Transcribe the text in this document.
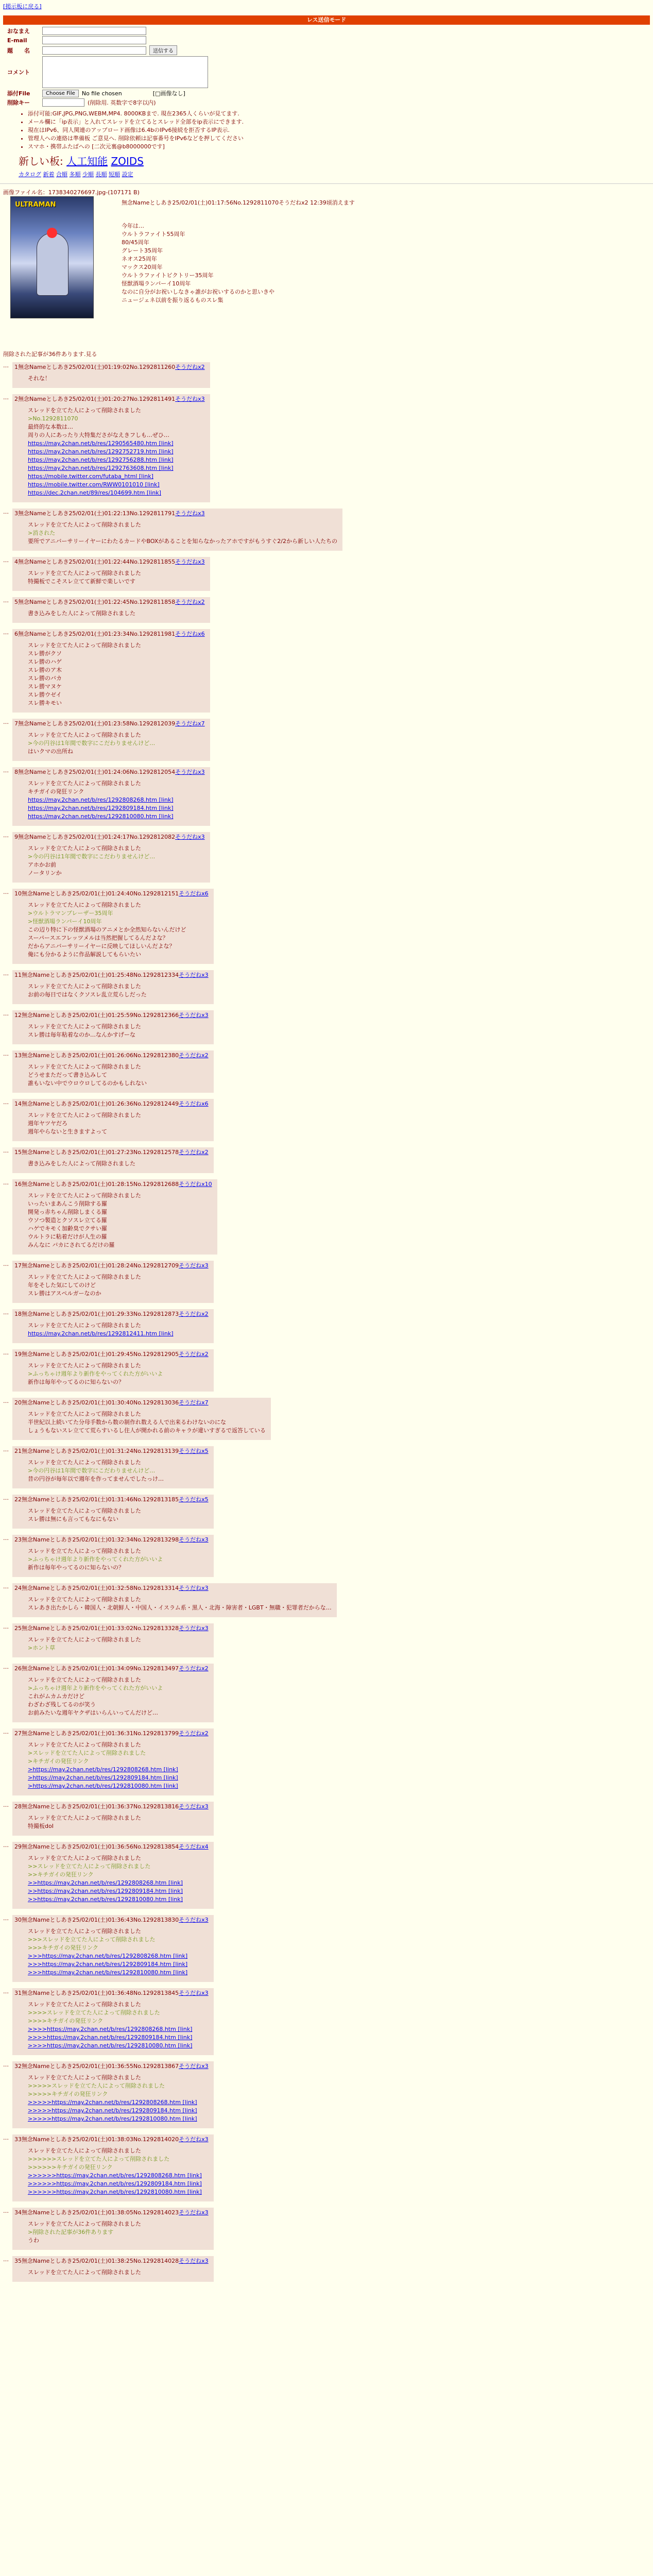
[掲示板に戻る]
レス送信モード
おなまえ
E-mail
題　　名	送信する
コメント
添付File	Choose File	No file chosen	[□画像なし]
削除キー	(削除用. 英数字で8字以内)
• 添付可能:GIF,JPG,PNG,WEBM,MP4. 8000KBまで. 現在2365人くらいが見てます.
• メール欄に「ip表示」と入れてスレッドを立てるとスレッド全部をip表示にできます.
• 現在はIPv6、同人関連のアップロード画像は6.4bのIPv6接続を拒否するIP表示.
• 管理人への連絡は準備板 ご意見へ. 削除依頼は記事番号をIPv6などを押してください
• スマホ・携帯ふたばへの [二次元裏@b8000000です]
新しい板: 人工知能 ZOIDS
カタログ 新着 合順 多順 少順 長順 短順 設定
画像ファイル名：1738340276697.jpg-(107171 B)
ULTRAMAN	無念Nameとしあき25/02/01(土)01:17:56No.1292811070そうだねx2 12:39頃消えます
今年は…
ウルトラファイト55周年
80/45周年
グレート35周年
ネオス25周年
マックス20周年
ウルトラファイトビクトリー35周年
怪獣酒場ランパーイ10周年
なのに自分がお祝いしなきゃ誰がお祝いするのかと思いきや
ニュージェネ以前を振り返るものスレ集
削除された記事が36件あります.見る
…	1無念Nameとしあき25/02/01(土)01:19:02No.1292811260そうだねx2
それな！
…	2無念Nameとしあき25/02/01(土)01:20:27No.1292811491そうだねx3
スレッドを立てた人によって削除されました
>No.1292811070
最終的な本数は…
周りの人にあったり大特集ださがなえきフしも…ぜひ…
https://may.2chan.net/b/res/1290565480.htm [link]
https://may.2chan.net/b/res/1292752719.htm [link]
https://may.2chan.net/b/res/1292756288.htm [link]
https://may.2chan.net/b/res/1292763608.htm [link]
https://mobile.twitter.com/futaba_html [link]
https://mobile.twitter.com/RWW0101010 [link]
https://dec.2chan.net/89/res/104699.htm [link]
…	3無念Nameとしあき25/02/01(土)01:22:13No.1292811791そうだねx3
スレッドを立てた人によって削除されました
>消された
要所でアニバーサリーイヤーにわたるカードやBOXがあることを知らなかったアホですがもうすぐ2/2から新しい人たちの
…	4無念Nameとしあき25/02/01(土)01:22:44No.1292811855そうだねx3
スレッドを立てた人によって削除されました
特撮板でこそスレ立てて新鮮で楽しいです
…	5無念Nameとしあき25/02/01(土)01:22:45No.1292811858そうだねx2
書き込みをした人によって削除されました
…	6無念Nameとしあき25/02/01(土)01:23:34No.1292811981そうだねx6
スレッドを立てた人によって削除されました
スレ勝がクソ
スレ勝のハゲ
スレ勝のア木
スレ勝のバカ
スレ勝マヌケ
スレ勝ウゼイ
スレ勝キモい
…	7無念Nameとしあき25/02/01(土)01:23:58No.1292812039そうだねx7
スレッドを立てた人によって削除されました
>今の円谷は1年間で数字にこだわりませんけど…
はいクマの出所ね
…	8無念Nameとしあき25/02/01(土)01:24:06No.1292812054そうだねx3
スレッドを立てた人によって削除されました
キチガイの発狂リンク
https://may.2chan.net/b/res/1292808268.htm [link]
https://may.2chan.net/b/res/1292809184.htm [link]
https://may.2chan.net/b/res/1292810080.htm [link]
…	9無念Nameとしあき25/02/01(土)01:24:17No.1292812082そうだねx3
スレッドを立てた人によって削除されました
>今の円谷は1年間で数字にこだわりませんけど…
アホかお前
ノータリンか
…	10無念Nameとしあき25/02/01(土)01:24:40No.1292812151そうだねx6
スレッドを立てた人によって削除されました
>ウルトラマンブレーザー35周年
>怪獣酒場ランパーイ10周年
この辺り特に下の怪獣酒場のアニメとか全然知らないんだけど
スーパースエフレッツメルは当然把握してるんだよな？
だからアニバーサリーイヤーに反映してほしいんだよな？
俺にも分かるように作品解説してもらいたい
…	11無念Nameとしあき25/02/01(土)01:25:48No.1292812334そうだねx3
スレッドを立てた人によって削除されました
お前の毎日ではなくクソスレ乱立荒らしだった
…	12無念Nameとしあき25/02/01(土)01:25:59No.1292812366そうだねx3
スレッドを立てた人によって削除されました
スレ勝は毎年粘着なのか…なんかすげーな
…	13無念Nameとしあき25/02/01(土)01:26:06No.1292812380そうだねx2
スレッドを立てた人によって削除されました
どうせまただって書き込みして
誰もいない中でウロウロしてるのかもしれない
…	14無念Nameとしあき25/02/01(土)01:26:36No.1292812449そうだねx6
スレッドを立てた人によって削除されました
週年ヤツヤだろ
週年やらないと生きますよって
…	15無念Nameとしあき25/02/01(土)01:27:23No.1292812578そうだねx2
書き込みをした人によって削除されました
…	16無念Nameとしあき25/02/01(土)01:28:15No.1292812688そうだねx10
スレッドを立てた人によって削除されました
いったいまあんこう削除する羅
開発っ赤ちゃん削除しまくる羅
ウソつ製造とクソスレ立てる羅
ハゲでキモく加齢臭でクサい羅
ウルトラに粘着だけが人生の羅
みんなに バカにされてるだけの羅
…	17無念Nameとしあき25/02/01(土)01:28:24No.1292812709そうだねx3
スレッドを立てた人によって削除されました
年をそした気にしてのけど
スレ勝はアスペルガーなのか
…	18無念Nameとしあき25/02/01(土)01:29:33No.1292812873そうだねx2
スレッドを立てた人によって削除されました
https://may.2chan.net/b/res/1292812411.htm [link]
…	19無念Nameとしあき25/02/01(土)01:29:45No.1292812905そうだねx2
スレッドを立てた人によって削除されました
>ふっちゃけ週年より新作をやってくれた方がいいよ
新作は毎年やってるのに知らないの？
…	20無念Nameとしあき25/02/01(土)01:30:40No.1292813036そうだねx7
スレッドを立てた人によって削除されました
半世紀以上続いてた分母手数から数の制作れ数える人で出来るわけないのにな
しょうもないスレ立てて荒らすいるし住人が開かれる前のキャラが違いすぎるで返答している
…	21無念Nameとしあき25/02/01(土)01:31:24No.1292813139そうだねx5
スレッドを立てた人によって削除されました
>今の円谷は1年間で数字にこだわりませんけど…
昔の円谷が毎年以で週年を作ってませんでしたっけ…
…	22無念Nameとしあき25/02/01(土)01:31:46No.1292813185そうだねx5
スレッドを立てた人によって削除されました
スレ勝は無にも言ってもなにもない
…	23無念Nameとしあき25/02/01(土)01:32:34No.1292813298そうだねx3
スレッドを立てた人によって削除されました
>ふっちゃけ週年より新作をやってくれた方がいいよ
新作は毎年やってるのに知らないの？
…	24無念Nameとしあき25/02/01(土)01:32:58No.1292813314そうだねx3
スレッドを立てた人によって削除されました
スレあき出たかしら・韓国人・北朝鮮人・中国人・イスラム系・黒人・北海・障害者・LGBT・無職・犯罪者だからな…
…	25無念Nameとしあき25/02/01(土)01:33:02No.1292813328そうだねx3
スレッドを立てた人によって削除されました
>ホント草
…	26無念Nameとしあき25/02/01(土)01:34:09No.1292813497そうだねx2
スレッドを立てた人によって削除されました
>ふっちゃけ週年より新作をやってくれた方がいいよ
これがムカムカだけど
わざわざ残してるのが笑う
お前みたいな週年ヤクザはいらんいってんだけど…
…	27無念Nameとしあき25/02/01(土)01:36:31No.1292813799そうだねx2
スレッドを立てた人によって削除されました
>スレッドを立てた人によって削除されました
>キチガイの発狂リンク
>https://may.2chan.net/b/res/1292808268.htm [link]
>https://may.2chan.net/b/res/1292809184.htm [link]
>https://may.2chan.net/b/res/1292810080.htm [link]
…	28無念Nameとしあき25/02/01(土)01:36:37No.1292813816そうだねx3
スレッドを立てた人によって削除されました
特撮板doI
…	29無念Nameとしあき25/02/01(土)01:36:56No.1292813854そうだねx4
スレッドを立てた人によって削除されました
>>スレッドを立てた人によって削除されました
>>キチガイの発狂リンク
>>https://may.2chan.net/b/res/1292808268.htm [link]
>>https://may.2chan.net/b/res/1292809184.htm [link]
>>https://may.2chan.net/b/res/1292810080.htm [link]
…	30無念Nameとしあき25/02/01(土)01:36:43No.1292813830そうだねx3
スレッドを立てた人によって削除されました
>>>スレッドを立てた人によって削除されました
>>>キチガイの発狂リンク
>>>https://may.2chan.net/b/res/1292808268.htm [link]
>>>https://may.2chan.net/b/res/1292809184.htm [link]
>>>https://may.2chan.net/b/res/1292810080.htm [link]
…	31無念Nameとしあき25/02/01(土)01:36:48No.1292813845そうだねx3
スレッドを立てた人によって削除されました
>>>>スレッドを立てた人によって削除されました
>>>>キチガイの発狂リンク
>>>>https://may.2chan.net/b/res/1292808268.htm [link]
>>>>https://may.2chan.net/b/res/1292809184.htm [link]
>>>>https://may.2chan.net/b/res/1292810080.htm [link]
…	32無念Nameとしあき25/02/01(土)01:36:55No.1292813867そうだねx3
スレッドを立てた人によって削除されました
>>>>>スレッドを立てた人によって削除されました
>>>>>キチガイの発狂リンク
>>>>>https://may.2chan.net/b/res/1292808268.htm [link]
>>>>>https://may.2chan.net/b/res/1292809184.htm [link]
>>>>>https://may.2chan.net/b/res/1292810080.htm [link]
…	33無念Nameとしあき25/02/01(土)01:38:03No.1292814020そうだねx3
スレッドを立てた人によって削除されました
>>>>>>スレッドを立てた人によって削除されました
>>>>>>キチガイの発狂リンク
>>>>>>https://may.2chan.net/b/res/1292808268.htm [link]
>>>>>>https://may.2chan.net/b/res/1292809184.htm [link]
>>>>>>https://may.2chan.net/b/res/1292810080.htm [link]
…	34無念Nameとしあき25/02/01(土)01:38:05No.1292814023そうだねx3
スレッドを立てた人によって削除されました
>削除された記事が36件あります
うわ
…	35無念Nameとしあき25/02/01(土)01:38:25No.1292814028そうだねx3
スレッドを立てた人によって削除されました
